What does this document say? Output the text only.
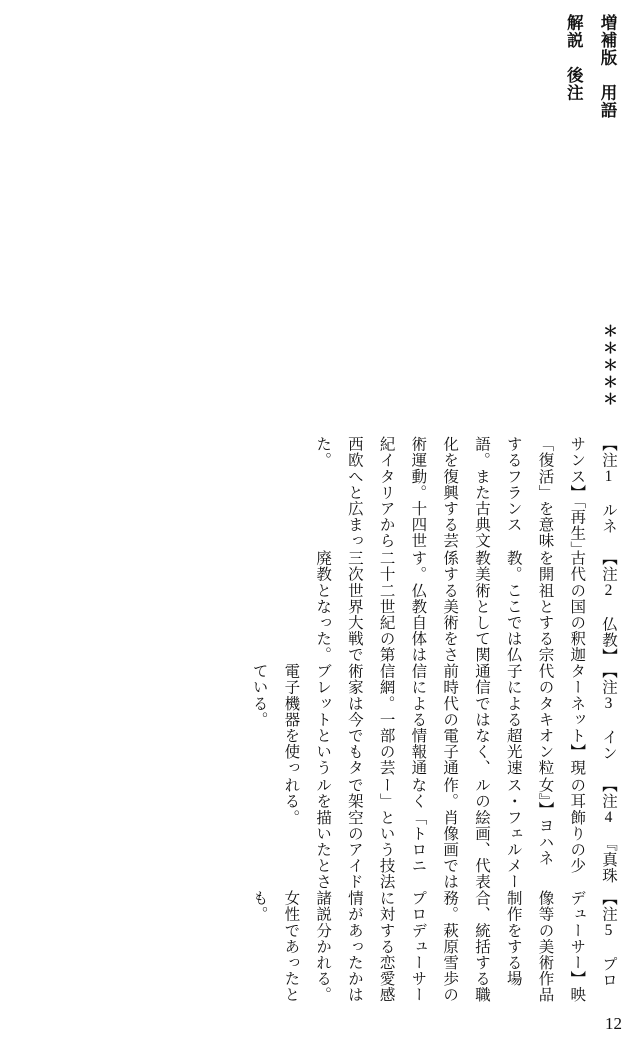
増補版　用語解説　後注
＊＊＊＊＊
【注1　ルネサンス】「再生」「復活」を意味するフランス語。また古典文化を復興する芸術運動。十四世紀イタリアから西欧へと広まった。
【注2　仏教】古代の国の釈迦を開祖とする宗教。ここでは仏教美術として関係する美術をさす。仏教自体は二十二世紀の第三次世界大戦で廃教となった。
【注3　インターネット】現代のタキオン粒子による超光速通信ではなく、前時代の電子通信による情報通信網。一部の芸術家は今でもタブレットという電子機器を使っている。
【注4　『真珠の耳飾りの少女』】ヨハネス・フェルメールの絵画、代表作。肖像画ではなく「トロニー」という技法で架空のアイドルを描いたとされる。
【注5　プロデューサー】映像等の美術作品制作をする場合、統括する職務。萩原雪歩のプロデューサーに対する恋愛感情があったかは諸説分かれる。女性であったとも。
12
